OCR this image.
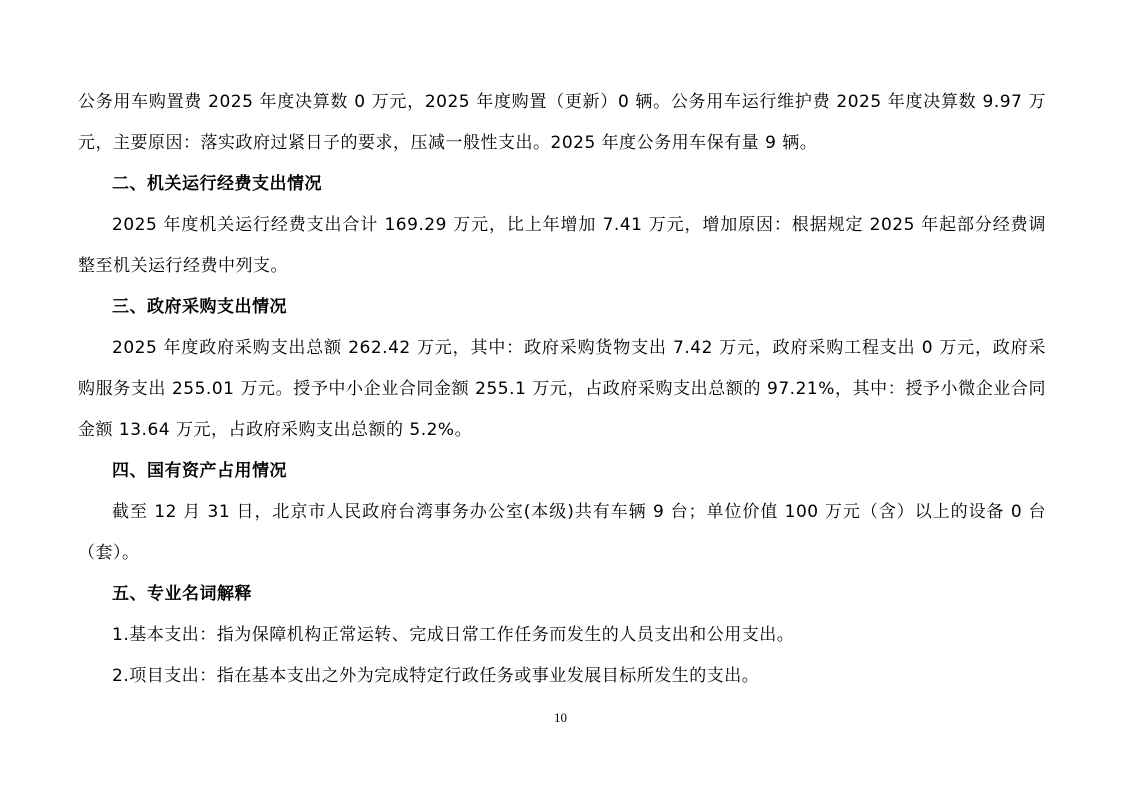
公务用车购置费 2025 年度决算数 0 万元，2025 年度购置（更新）0 辆。公务用车运行维护费 2025 年度决算数 9.97 万元，主要原因：落实政府过紧日子的要求，压减一般性支出。2025 年度公务用车保有量 9 辆。

二、机关运行经费支出情况

2025 年度机关运行经费支出合计 169.29 万元，比上年增加 7.41 万元，增加原因：根据规定 2025 年起部分经费调整至机关运行经费中列支。

三、政府采购支出情况

2025 年度政府采购支出总额 262.42 万元，其中：政府采购货物支出 7.42 万元，政府采购工程支出 0 万元，政府采购服务支出 255.01 万元。授予中小企业合同金额 255.1 万元，占政府采购支出总额的 97.21%，其中：授予小微企业合同金额 13.64 万元，占政府采购支出总额的 5.2%。

四、国有资产占用情况

截至 12 月 31 日，北京市人民政府台湾事务办公室(本级)共有车辆 9 台；单位价值 100 万元（含）以上的设备 0 台（套）。

五、专业名词解释

1.基本支出：指为保障机构正常运转、完成日常工作任务而发生的人员支出和公用支出。

2.项目支出：指在基本支出之外为完成特定行政任务或事业发展目标所发生的支出。

10
